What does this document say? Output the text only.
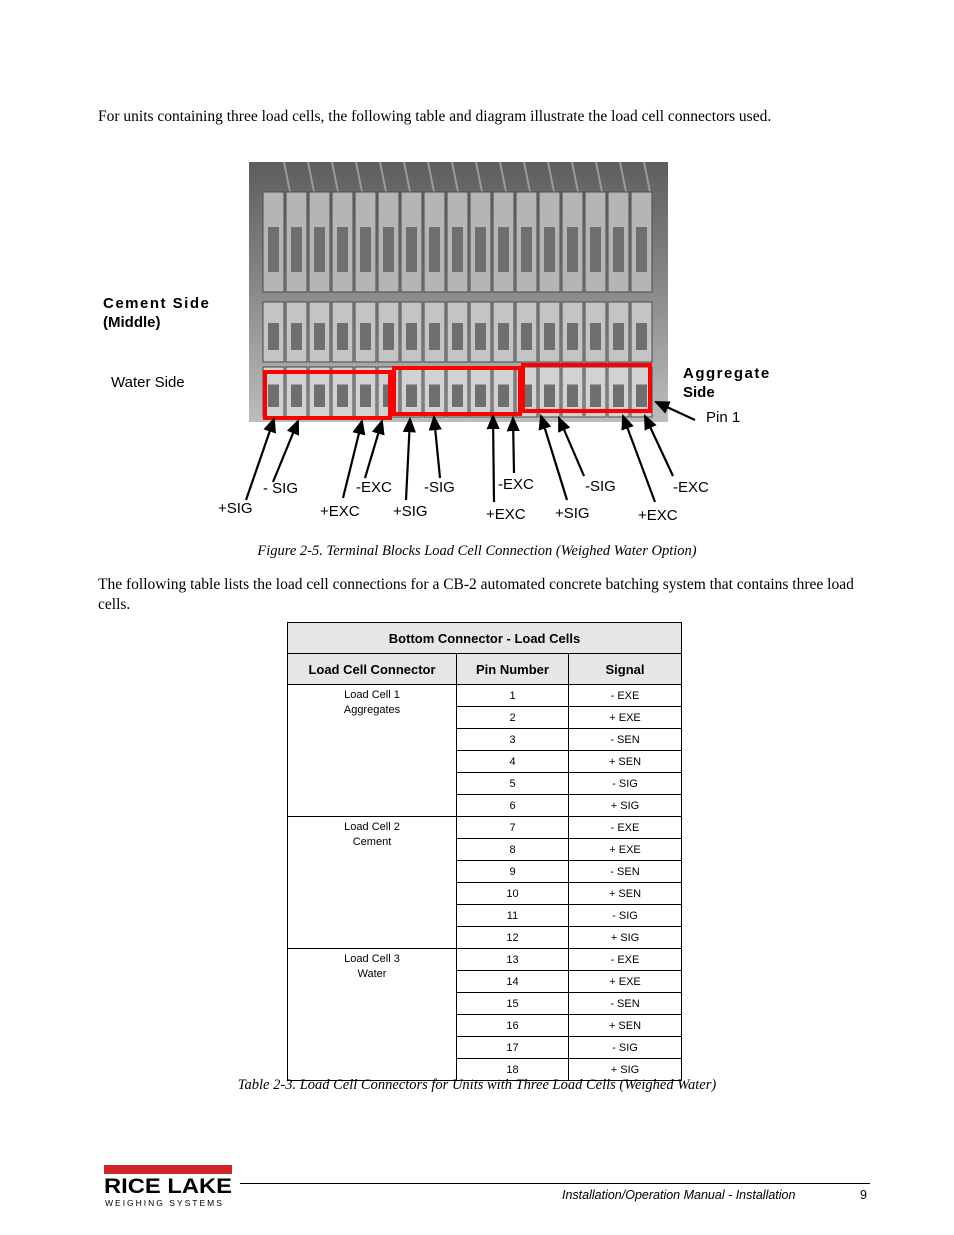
For units containing three load cells, the following table and diagram illustrate the load cell connectors used.
Cement Side
(Middle)
Water Side
Aggregate
Side
Pin 1
+SIG
- SIG
+EXC
-EXC
+SIG
-SIG
+EXC
-EXC
+SIG
-SIG
+EXC
-EXC
Figure 2-5. Terminal Blocks Load Cell Connection (Weighed Water Option)
The following table lists the load cell connections for a CB-2 automated concrete batching system that contains three load cells.
Bottom Connector - Load Cells		
Load Cell Connector	Pin Number	Signal

Load Cell 1
Aggregates	1	- EXE
	2	+ EXE
	3	- SEN
	4	+ SEN
	5	- SIG
	6	+ SIG

Load Cell 2
Cement	7	- EXE
	8	+ EXE
	9	- SEN
	10	+ SEN
	11	- SIG
	12	+ SIG

Load Cell 3
Water	13	- EXE
	14	+ EXE
	15	- SEN
	16	+ SEN
	17	- SIG
	18	+ SIG
Table 2-3. Load Cell Connectors for Units with Three Load Cells (Weighed Water)
RICE LAKE
WEIGHING SYSTEMS
Installation/Operation Manual - Installation	9
